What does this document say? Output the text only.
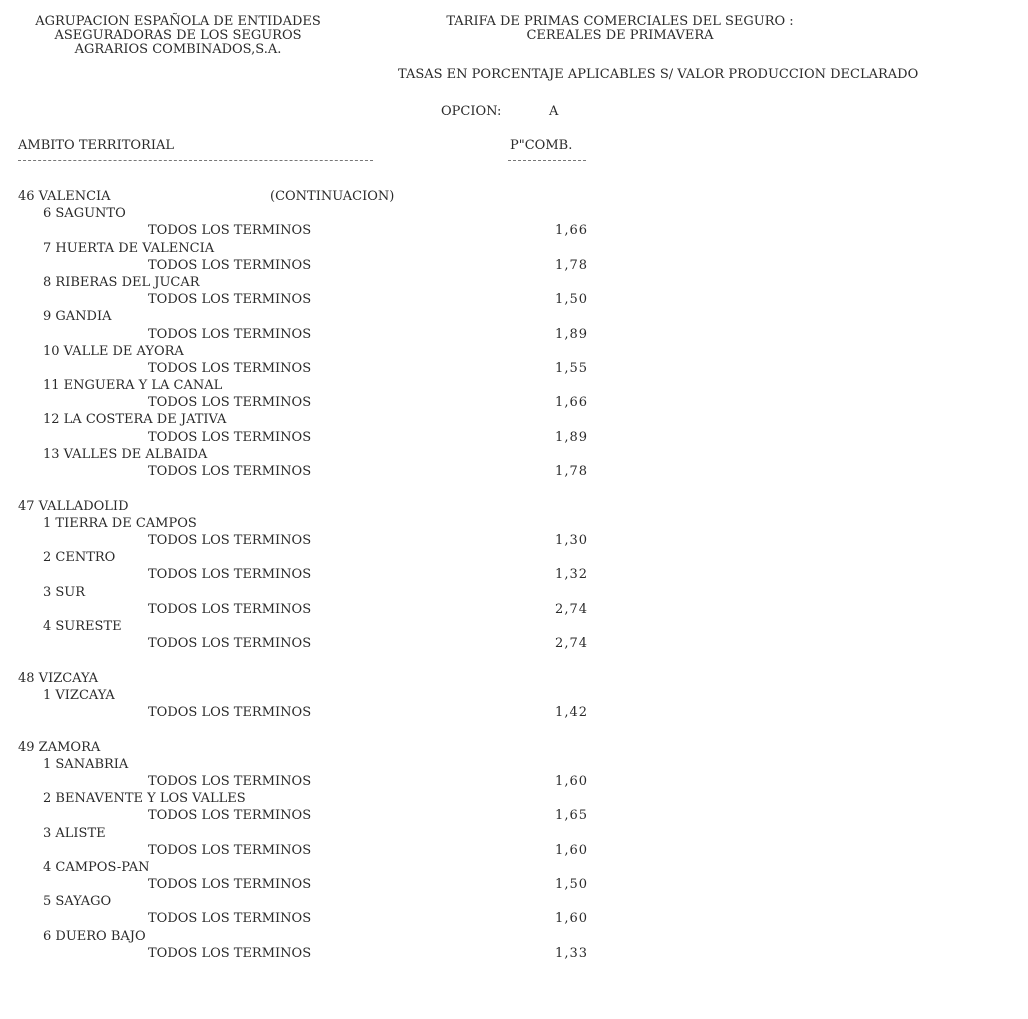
AGRUPACION ESPAÑOLA DE ENTIDADES
ASEGURADORAS DE LOS SEGUROS
AGRARIOS COMBINADOS,S.A.
TARIFA DE PRIMAS COMERCIALES DEL SEGURO :
CEREALES DE PRIMAVERA
TASAS EN PORCENTAJE APLICABLES S/ VALOR PRODUCCION DECLARADO
OPCION:	A
AMBITO TERRITORIAL	P"COMB.
46 VALENCIA	(CONTINUACION)
6 SAGUNTO
TODOS LOS TERMINOS	1,66
7 HUERTA DE VALENCIA
TODOS LOS TERMINOS	1,78
8 RIBERAS DEL JUCAR
TODOS LOS TERMINOS	1,50
9 GANDIA
TODOS LOS TERMINOS	1,89
10 VALLE DE AYORA
TODOS LOS TERMINOS	1,55
11 ENGUERA Y LA CANAL
TODOS LOS TERMINOS	1,66
12 LA COSTERA DE JATIVA
TODOS LOS TERMINOS	1,89
13 VALLES DE ALBAIDA
TODOS LOS TERMINOS	1,78
47 VALLADOLID
1 TIERRA DE CAMPOS
TODOS LOS TERMINOS	1,30
2 CENTRO
TODOS LOS TERMINOS	1,32
3 SUR
TODOS LOS TERMINOS	2,74
4 SURESTE
TODOS LOS TERMINOS	2,74
48 VIZCAYA
1 VIZCAYA
TODOS LOS TERMINOS	1,42
49 ZAMORA
1 SANABRIA
TODOS LOS TERMINOS	1,60
2 BENAVENTE Y LOS VALLES
TODOS LOS TERMINOS	1,65
3 ALISTE
TODOS LOS TERMINOS	1,60
4 CAMPOS-PAN
TODOS LOS TERMINOS	1,50
5 SAYAGO
TODOS LOS TERMINOS	1,60
6 DUERO BAJO
TODOS LOS TERMINOS	1,33
